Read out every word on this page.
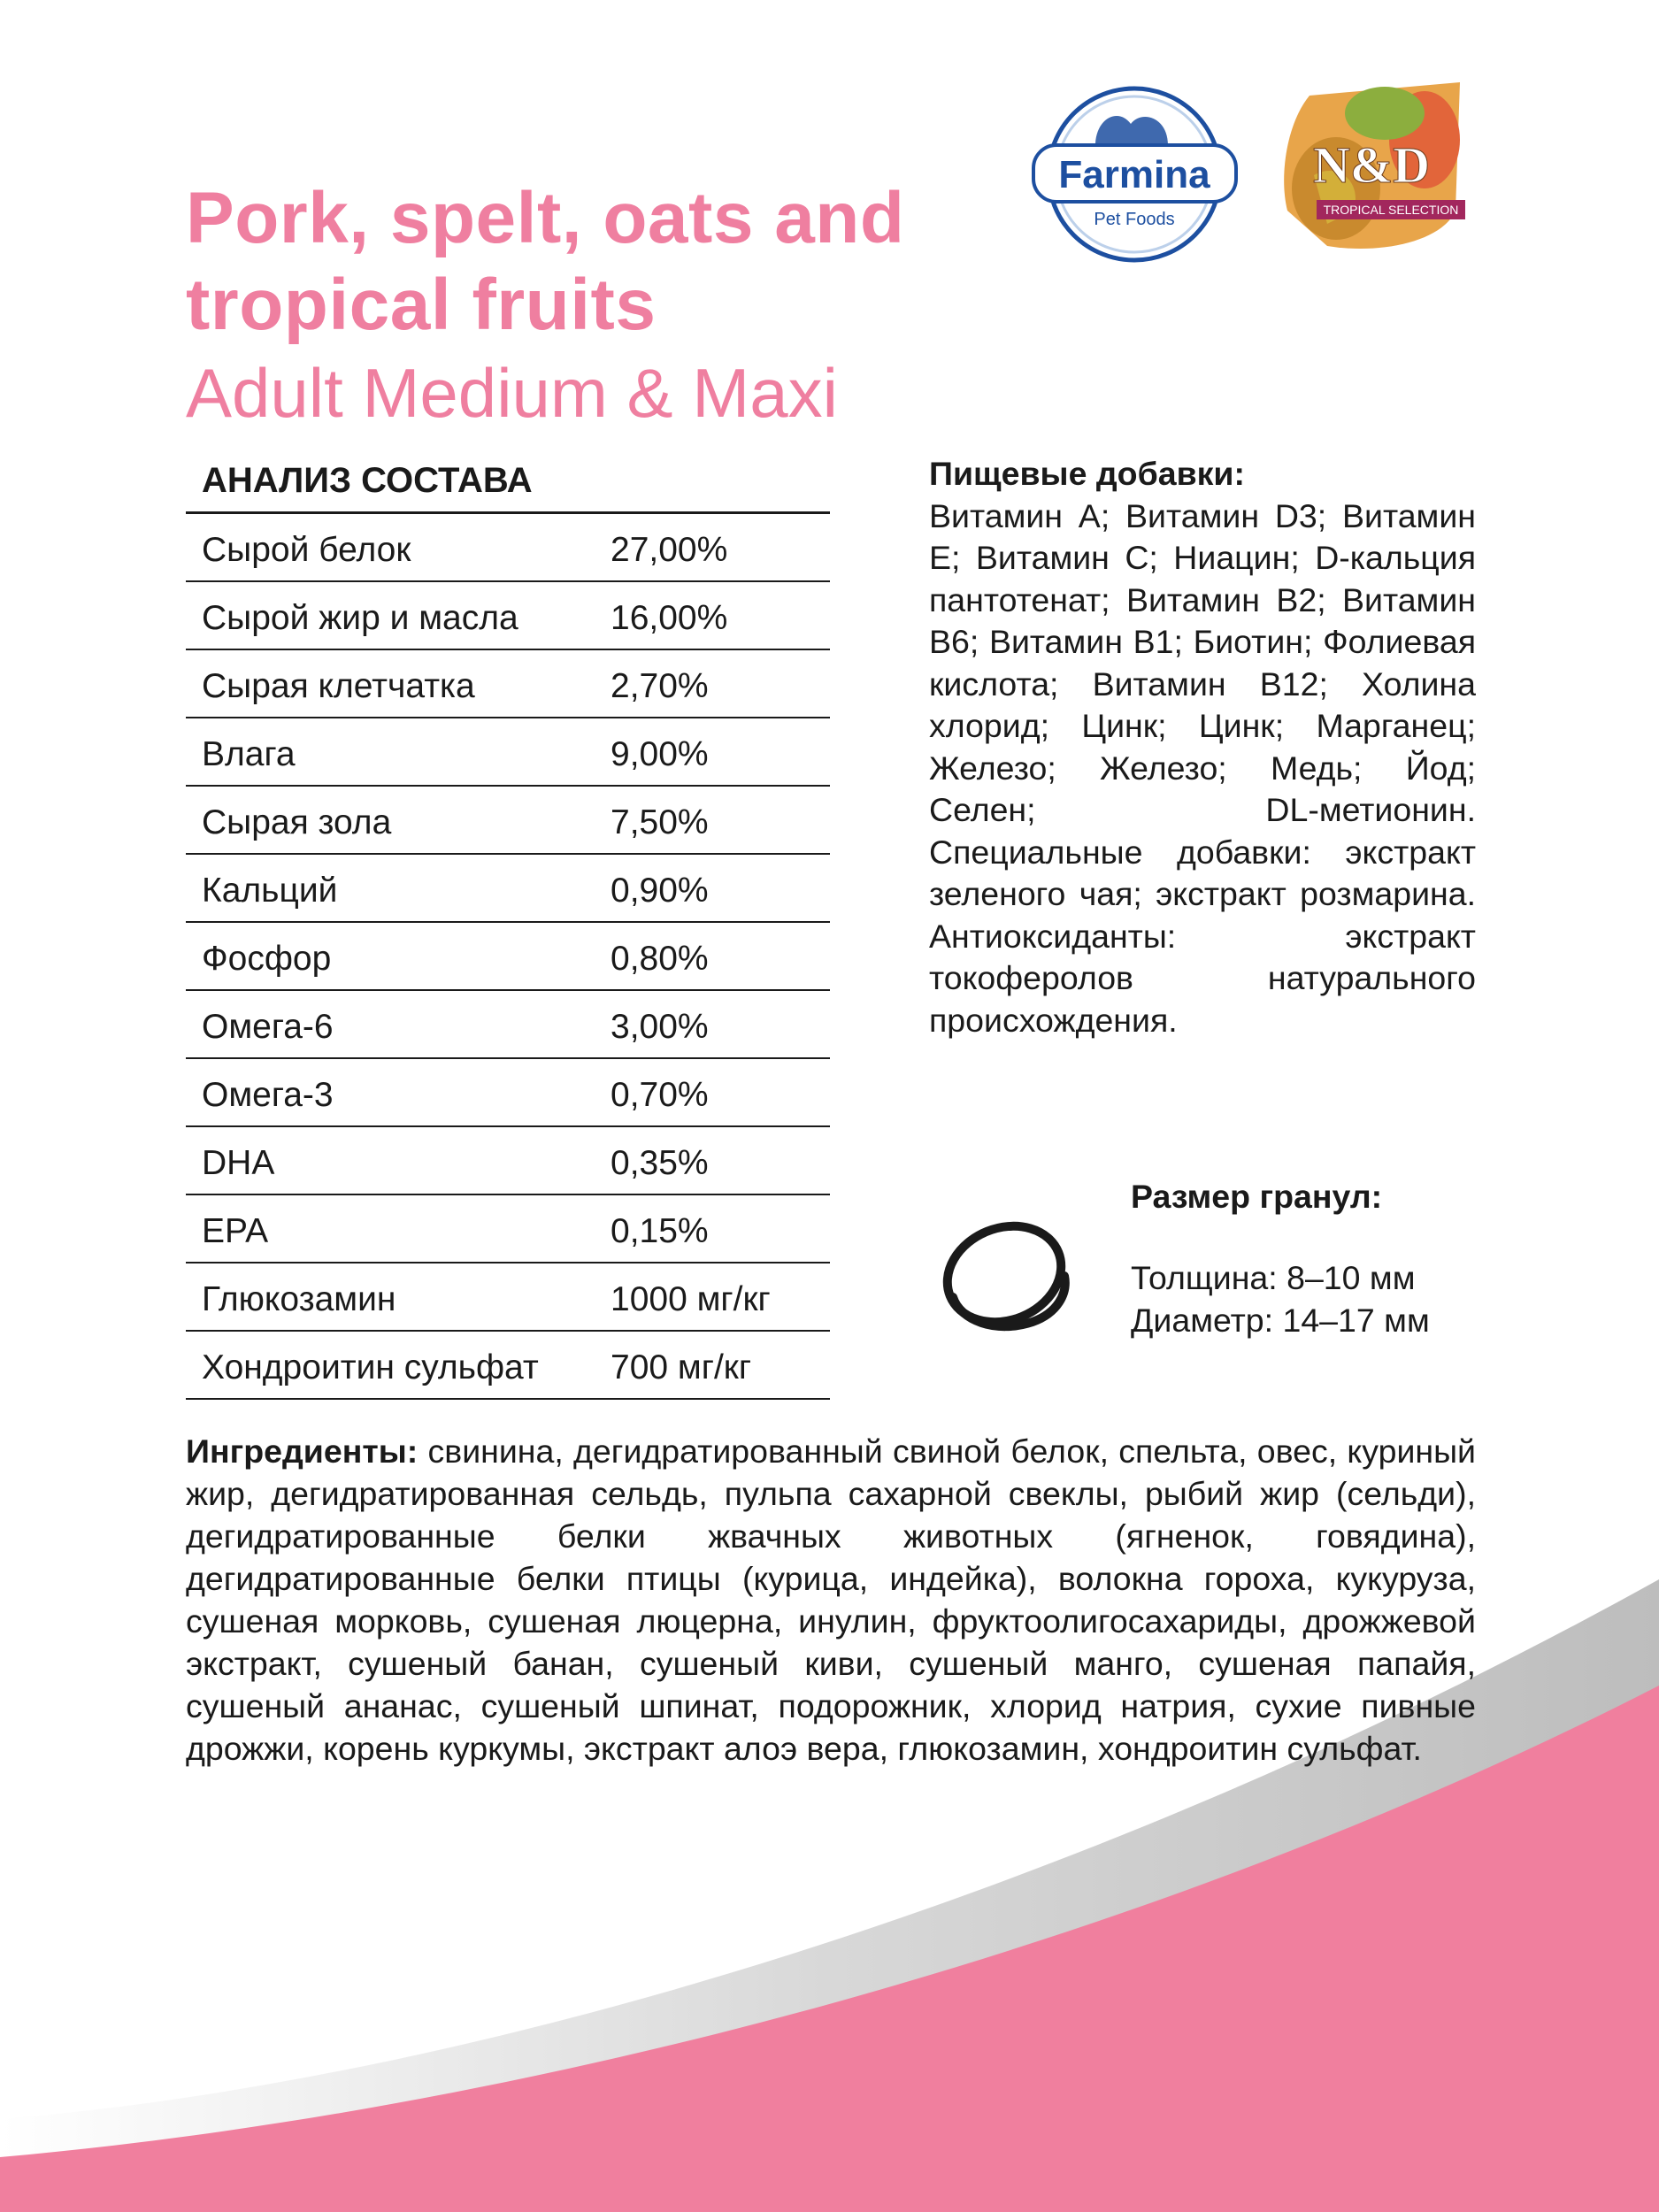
Farmina
Pet Foods
N&D
TROPICAL SELECTION
Pork, spelt, oats and
tropical fruits
Adult Medium & Maxi
АНАЛИЗ СОСТАВА
Сырой белок	27,00%
Сырой жир и масла	16,00%
Сырая клетчатка	2,70%
Влага	9,00%
Сырая зола	7,50%
Кальций	0,90%
Фосфор	0,80%
Омега-6	3,00%
Омега-3	0,70%
DHA	0,35%
EPA	0,15%
Глюкозамин	1000 мг/кг
Хондроитин сульфат	700 мг/кг
Пищевые добавки:
Витамин A; Витамин D3; Витамин E; Витамин C; Ниацин; D-кальция пантотенат; Витамин B2; Витамин B6; Витамин B1; Биотин; Фолиевая кислота; Витамин B12; Холина хлорид; Цинк; Цинк; Марганец; Железо; Железо; Медь; Йод; Селен; DL-метионин. Специальные добавки: экстракт зеленого чая; экстракт розмарина. Антиоксиданты: экстракт токоферолов натурального происхождения.
Размер гранул:
Толщина: 8–10 мм
Диаметр: 14–17 мм
Ингредиенты: свинина, дегидратированный свиной белок, спельта, овес, куриный жир, дегидратированная сельдь, пульпа сахарной свеклы, рыбий жир (сельди), дегидратированные белки жвачных животных (ягненок, говядина), дегидратированные белки птицы (курица, индейка), волокна гороха, кукуруза, сушеная морковь, сушеная люцерна, инулин, фруктоолигосахариды, дрожжевой экстракт, сушеный банан, сушеный киви, сушеный манго, сушеная папайя, сушеный ананас, сушеный шпинат, подорожник, хлорид натрия, сухие пивные дрожжи, корень куркумы, экстракт алоэ вера, глюкозамин, хондроитин сульфат.
